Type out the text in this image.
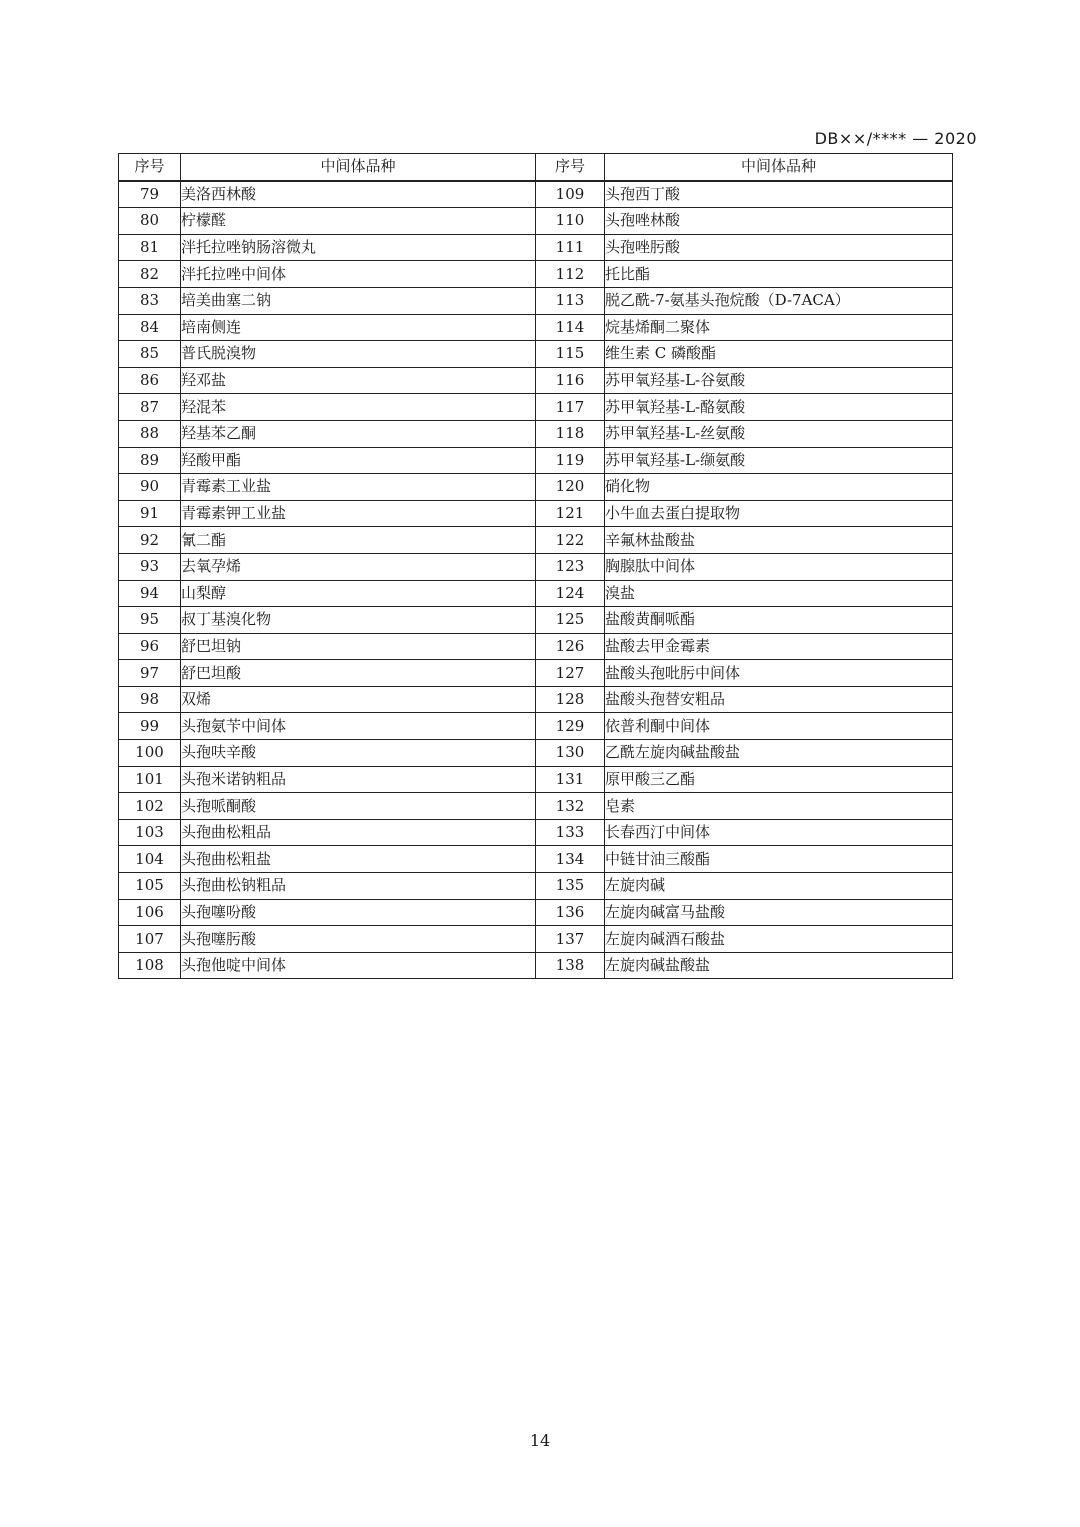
DB××/**** — 2020
序号	中间体品种	序号	中间体品种
79	美洛西林酸	109	头孢西丁酸
80	柠檬醛	110	头孢唑林酸
81	泮托拉唑钠肠溶微丸	111	头孢唑肟酸
82	泮托拉唑中间体	112	托比酯
83	培美曲塞二钠	113	脱乙酰-7-氨基头孢烷酸（D-7ACA）
84	培南侧连	114	烷基烯酮二聚体
85	普氏脱溴物	115	维生素 C 磷酸酯
86	羟邓盐	116	苏甲氧羟基-L-谷氨酸
87	羟混苯	117	苏甲氧羟基-L-酪氨酸
88	羟基苯乙酮	118	苏甲氧羟基-L-丝氨酸
89	羟酸甲酯	119	苏甲氧羟基-L-缬氨酸
90	青霉素工业盐	120	硝化物
91	青霉素钾工业盐	121	小牛血去蛋白提取物
92	氰二酯	122	辛氟林盐酸盐
93	去氧孕烯	123	胸腺肽中间体
94	山梨醇	124	溴盐
95	叔丁基溴化物	125	盐酸黄酮哌酯
96	舒巴坦钠	126	盐酸去甲金霉素
97	舒巴坦酸	127	盐酸头孢吡肟中间体
98	双烯	128	盐酸头孢替安粗品
99	头孢氨苄中间体	129	依普利酮中间体
100	头孢呋辛酸	130	乙酰左旋肉碱盐酸盐
101	头孢米诺钠粗品	131	原甲酸三乙酯
102	头孢哌酮酸	132	皂素
103	头孢曲松粗品	133	长春西汀中间体
104	头孢曲松粗盐	134	中链甘油三酸酯
105	头孢曲松钠粗品	135	左旋肉碱
106	头孢噻吩酸	136	左旋肉碱富马盐酸
107	头孢噻肟酸	137	左旋肉碱酒石酸盐
108	头孢他啶中间体	138	左旋肉碱盐酸盐
14
